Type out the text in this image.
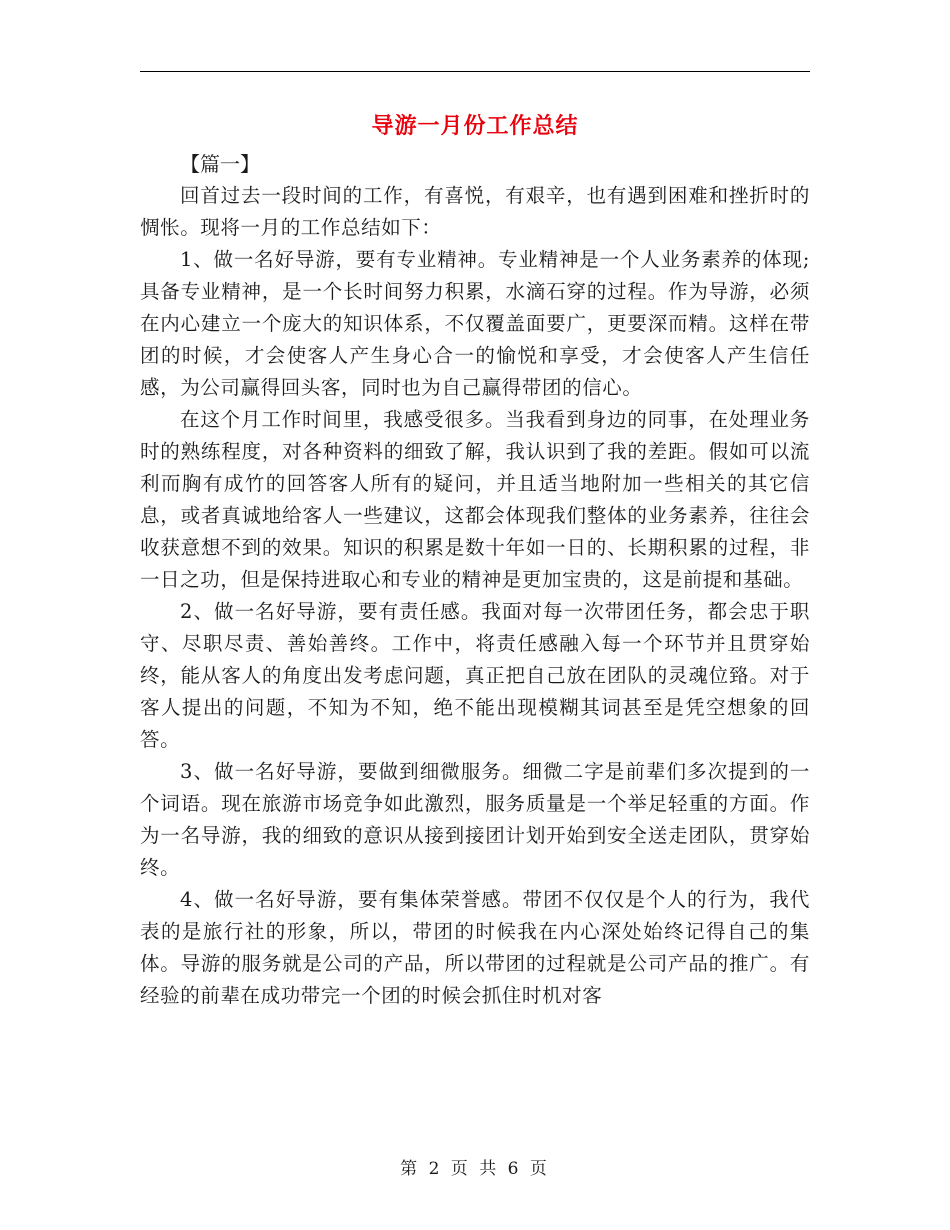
导游一月份工作总结

【篇一】

回首过去一段时间的工作，有喜悦，有艰辛，也有遇到困难和挫折时的惆怅。现将一月的工作总结如下：

1、做一名好导游，要有专业精神。专业精神是一个人业务素养的体现;具备专业精神，是一个长时间努力积累，水滴石穿的过程。作为导游，必须在内心建立一个庞大的知识体系，不仅覆盖面要广，更要深而精。这样在带团的时候，才会使客人产生身心合一的愉悦和享受，才会使客人产生信任感，为公司赢得回头客，同时也为自己赢得带团的信心。

在这个月工作时间里，我感受很多。当我看到身边的同事，在处理业务时的熟练程度，对各种资料的细致了解，我认识到了我的差距。假如可以流利而胸有成竹的回答客人所有的疑问，并且适当地附加一些相关的其它信息，或者真诚地给客人一些建议，这都会体现我们整体的业务素养，往往会收获意想不到的效果。知识的积累是数十年如一日的、长期积累的过程，非一日之功，但是保持进取心和专业的精神是更加宝贵的，这是前提和基础。

2、做一名好导游，要有责任感。我面对每一次带团任务，都会忠于职守、尽职尽责、善始善终。工作中，将责任感融入每一个环节并且贯穿始终，能从客人的角度出发考虑问题，真正把自己放在团队的灵魂位臵。对于客人提出的问题，不知为不知，绝不能出现模糊其词甚至是凭空想象的回答。

3、做一名好导游，要做到细微服务。细微二字是前辈们多次提到的一个词语。现在旅游市场竞争如此激烈，服务质量是一个举足轻重的方面。作为一名导游，我的细致的意识从接到接团计划开始到安全送走团队，贯穿始终。

4、做一名好导游，要有集体荣誉感。带团不仅仅是个人的行为，我代表的是旅行社的形象，所以，带团的时候我在内心深处始终记得自己的集体。导游的服务就是公司的产品，所以带团的过程就是公司产品的推广。有经验的前辈在成功带完一个团的时候会抓住时机对客

第 2 页 共 6 页
